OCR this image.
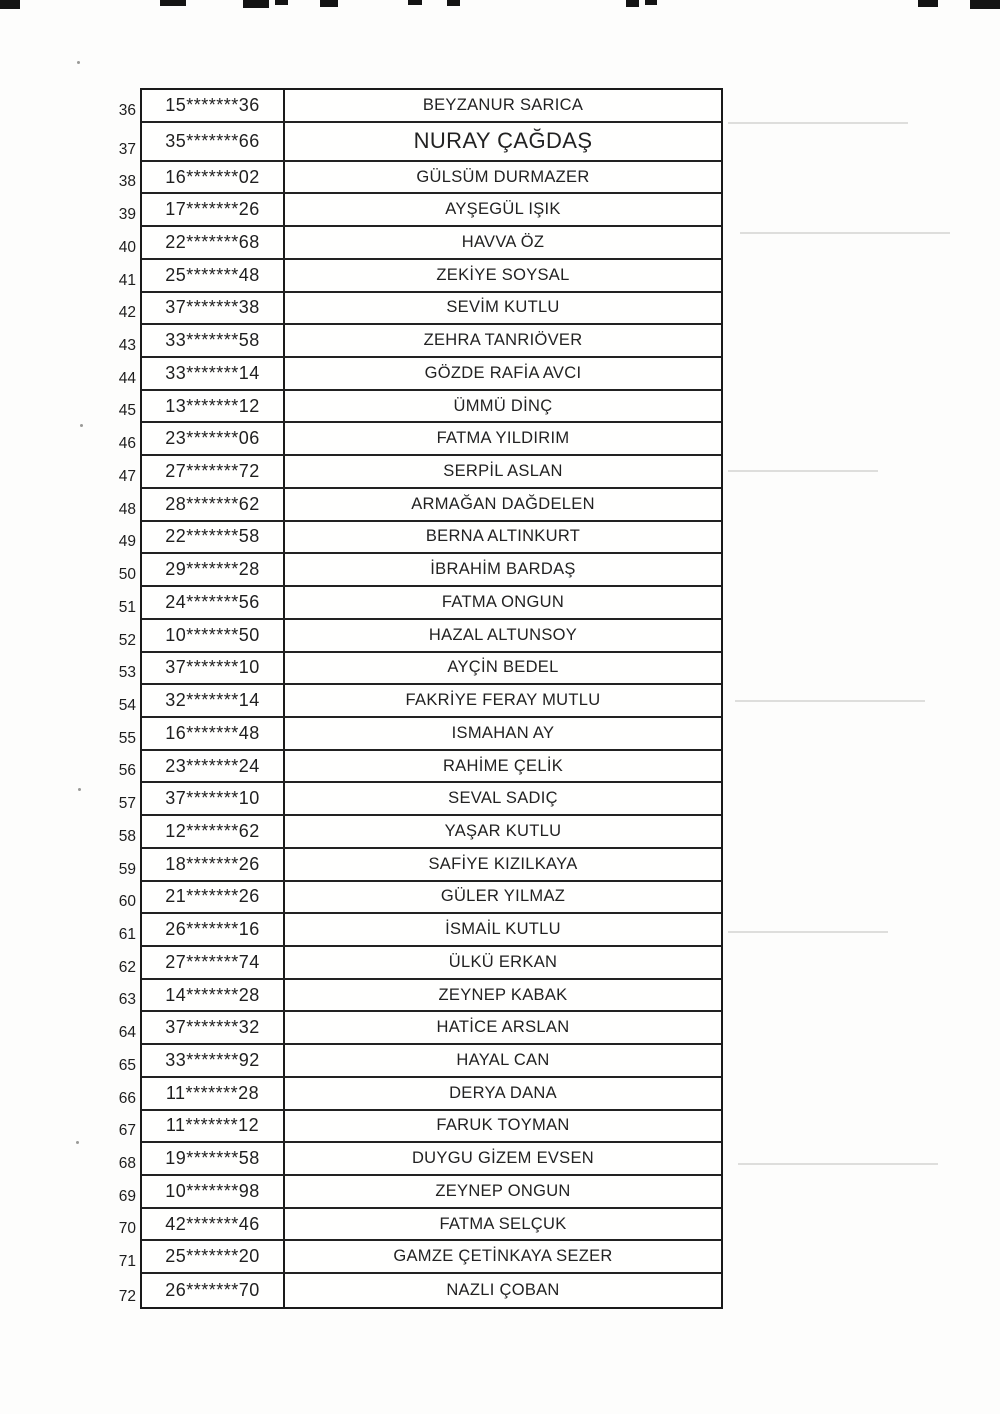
36	15*******36	BEYZANUR SARICA
37	35*******66	NURAY ÇAĞDAŞ
38	16*******02	GÜLSÜM DURMAZER
39	17*******26	AYŞEGÜL IŞIK
40	22*******68	HAVVA ÖZ
41	25*******48	ZEKİYE SOYSAL
42	37*******38	SEVİM KUTLU
43	33*******58	ZEHRA TANRIÖVER
44	33*******14	GÖZDE RAFİA AVCI
45	13*******12	ÜMMÜ DİNÇ
46	23*******06	FATMA YILDIRIM
47	27*******72	SERPİL ASLAN
48	28*******62	ARMAĞAN DAĞDELEN
49	22*******58	BERNA ALTINKURT
50	29*******28	İBRAHİM BARDAŞ
51	24*******56	FATMA ONGUN
52	10*******50	HAZAL ALTUNSOY
53	37*******10	AYÇİN BEDEL
54	32*******14	FAKRİYE FERAY MUTLU
55	16*******48	ISMAHAN AY
56	23*******24	RAHİME ÇELİK
57	37*******10	SEVAL SADIÇ
58	12*******62	YAŞAR KUTLU
59	18*******26	SAFİYE KIZILKAYA
60	21*******26	GÜLER YILMAZ
61	26*******16	İSMAİL KUTLU
62	27*******74	ÜLKÜ ERKAN
63	14*******28	ZEYNEP KABAK
64	37*******32	HATİCE ARSLAN
65	33*******92	HAYAL CAN
66	11*******28	DERYA DANA
67	11*******12	FARUK TOYMAN
68	19*******58	DUYGU GİZEM EVSEN
69	10*******98	ZEYNEP ONGUN
70	42*******46	FATMA SELÇUK
71	25*******20	GAMZE ÇETİNKAYA SEZER
72	26*******70	NAZLI ÇOBAN
